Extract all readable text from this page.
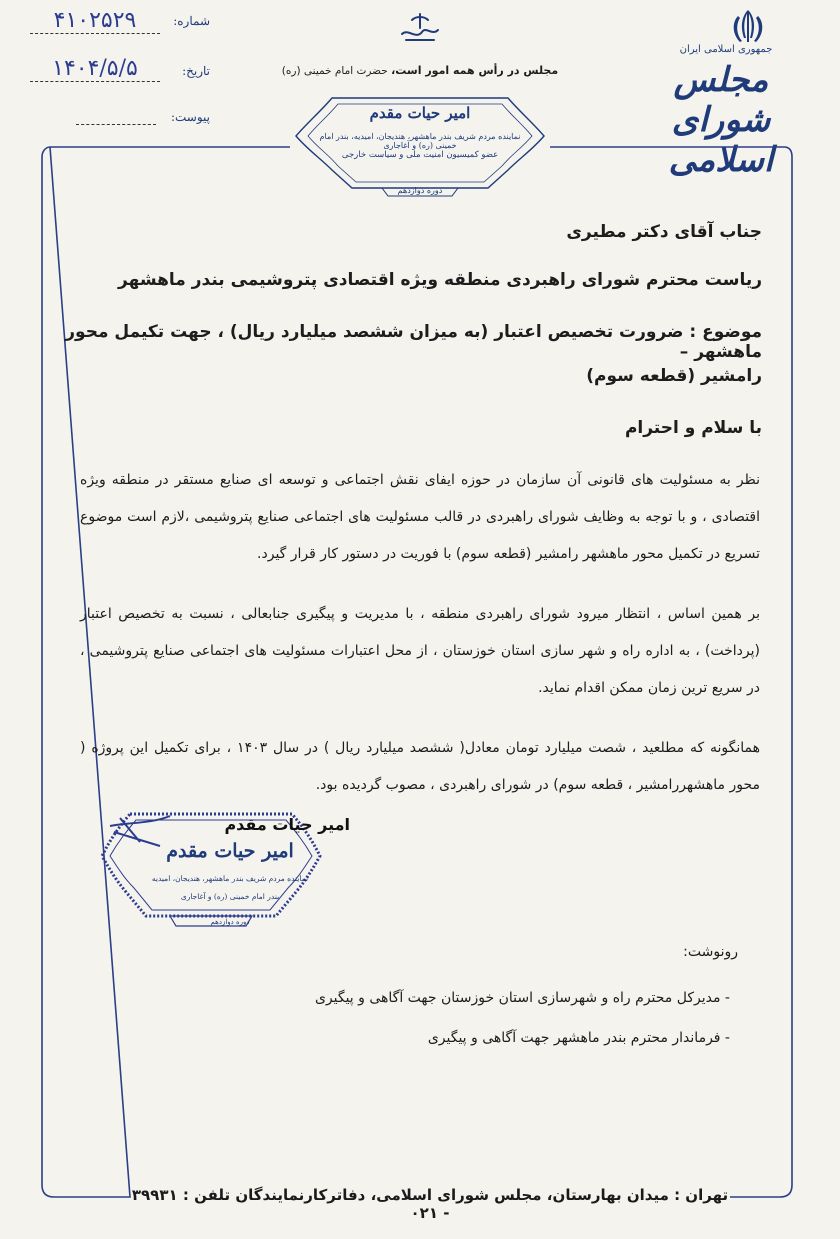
جمهوری اسلامی ایران
مجلس شورای اسلامی
مجلس در رأس همه امور است، حضرت امام خمینی (ره)
امیر حیات مقدم
نماینده مردم شریف بندر ماهشهر، هندیجان، امیدیه، بندر امام خمینی (ره) و آغاجاری
عضو کمیسیون امنیت ملی و سیاست خارجی
دوره دوازدهم
شماره:
۴۱۰۲۵۲۹
تاریخ:
۱۴۰۴/۵/۵
پیوست:
جناب آقای دکتر مطیری
ریاست محترم شورای راهبردی منطقه ویژه اقتصادی پتروشیمی بندر ماهشهر
موضوع : ضرورت تخصیص اعتبار (به میزان ششصد میلیارد ریال) ، جهت تکیمل محور ماهشهر –
رامشیر (قطعه سوم)
با سلام و احترام
نظر به مسئولیت های قانونی آن سازمان در حوزه ایفای نقش اجتماعی و توسعه ای صنایع مستقر در منطقه ویژه اقتصادی ، و با توجه به وظایف شورای راهبردی در قالب مسئولیت های اجتماعی صنایع پتروشیمی ،لازم است موضوع تسریع در تکمیل محور ماهشهر رامشیر (قطعه سوم) با فوریت در دستور کار قرار گیرد.
بر همین اساس ، انتظار میرود شورای راهبردی منطقه ، با مدیریت و پیگیری جنابعالی ، نسبت به تخصیص اعتبار (پرداخت) ، به اداره راه و شهر سازی استان خوزستان ، از محل اعتبارات مسئولیت های اجتماعی صنایع پتروشیمی ، در سریع ترین زمان ممکن اقدام نماید.
همانگونه که مطلعید ، شصت میلیارد تومان معادل( ششصد میلیارد ریال ) در سال ۱۴۰۳ ، برای تکمیل این پروژه ( محور ماهشهررامشیر ، قطعه سوم) در شورای راهبردی ، مصوب گردیده بود.
امیر حیات مقدم
امیر حیات مقدم
نماینده مردم شریف بندر ماهشهر، هندیجان، امیدیه
بندر امام خمینی (ره) و آغاجاری
دوره دوازدهم
رونوشت:
- مدیرکل محترم راه و شهرسازی استان خوزستان جهت آگاهی و پیگیری
- فرماندار محترم بندر ماهشهر جهت آگاهی و پیگیری
تهران : میدان بهارستان، مجلس شورای اسلامی، دفاترکارنمایندگان تلفن : ۳۹۹۳۱ - ۰۲۱
